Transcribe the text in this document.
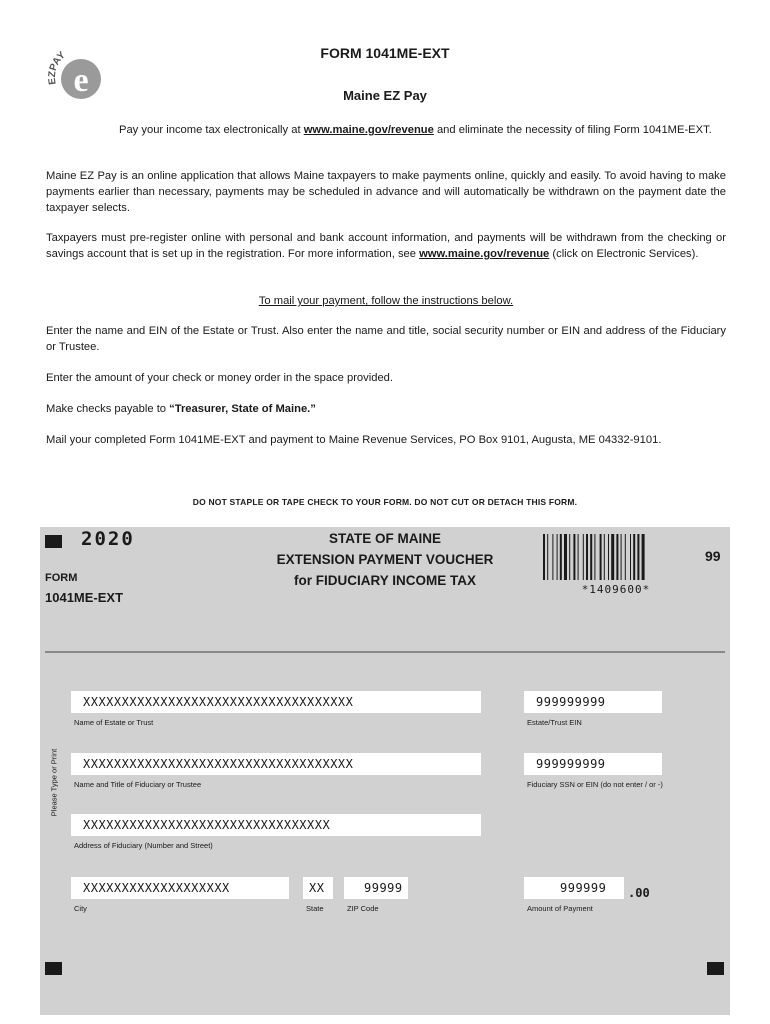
e
EZPAY	FORM 1041ME-EXT
Maine EZ Pay
Pay your income tax electronically at www.maine.gov/revenue and eliminate the necessity of filing Form 1041ME-EXT.
Maine EZ Pay is an online application that allows Maine taxpayers to make payments online, quickly and easily. To avoid having to make payments earlier than necessary, payments may be scheduled in advance and will automatically be withdrawn on the payment date the taxpayer selects.
Taxpayers must pre-register online with personal and bank account information, and payments will be withdrawn from the checking or savings account that is set up in the registration. For more information, see www.maine.gov/revenue (click on Electronic Services).
To mail your payment, follow the instructions below.
Enter the name and EIN of the Estate or Trust. Also enter the name and title, social security number or EIN and address of the Fiduciary or Trustee.
Enter the amount of your check or money order in the space provided.
Make checks payable to “Treasurer, State of Maine.”
Mail your completed Form 1041ME-EXT and payment to Maine Revenue Services, PO Box 9101, Augusta, ME 04332-9101.
DO NOT STAPLE OR TAPE CHECK TO YOUR FORM. DO NOT CUT OR DETACH THIS FORM.
2020
FORM
1041ME-EXT
STATE OF MAINE
EXTENSION PAYMENT VOUCHER
for FIDUCIARY INCOME TAX
*1409600*
99
Please Type or Print
XXXXXXXXXXXXXXXXXXXXXXXXXXXXXXXXXXX
Name of Estate or Trust
999999999
Estate/Trust EIN
XXXXXXXXXXXXXXXXXXXXXXXXXXXXXXXXXXX
Name and Title of Fiduciary or Trustee
999999999
Fiduciary SSN or EIN (do not enter / or -)
XXXXXXXXXXXXXXXXXXXXXXXXXXXXXXXX
Address of Fiduciary (Number and Street)
XXXXXXXXXXXXXXXXXXX
City
XX
State
99999
ZIP Code
999999	.00
Amount of Payment
